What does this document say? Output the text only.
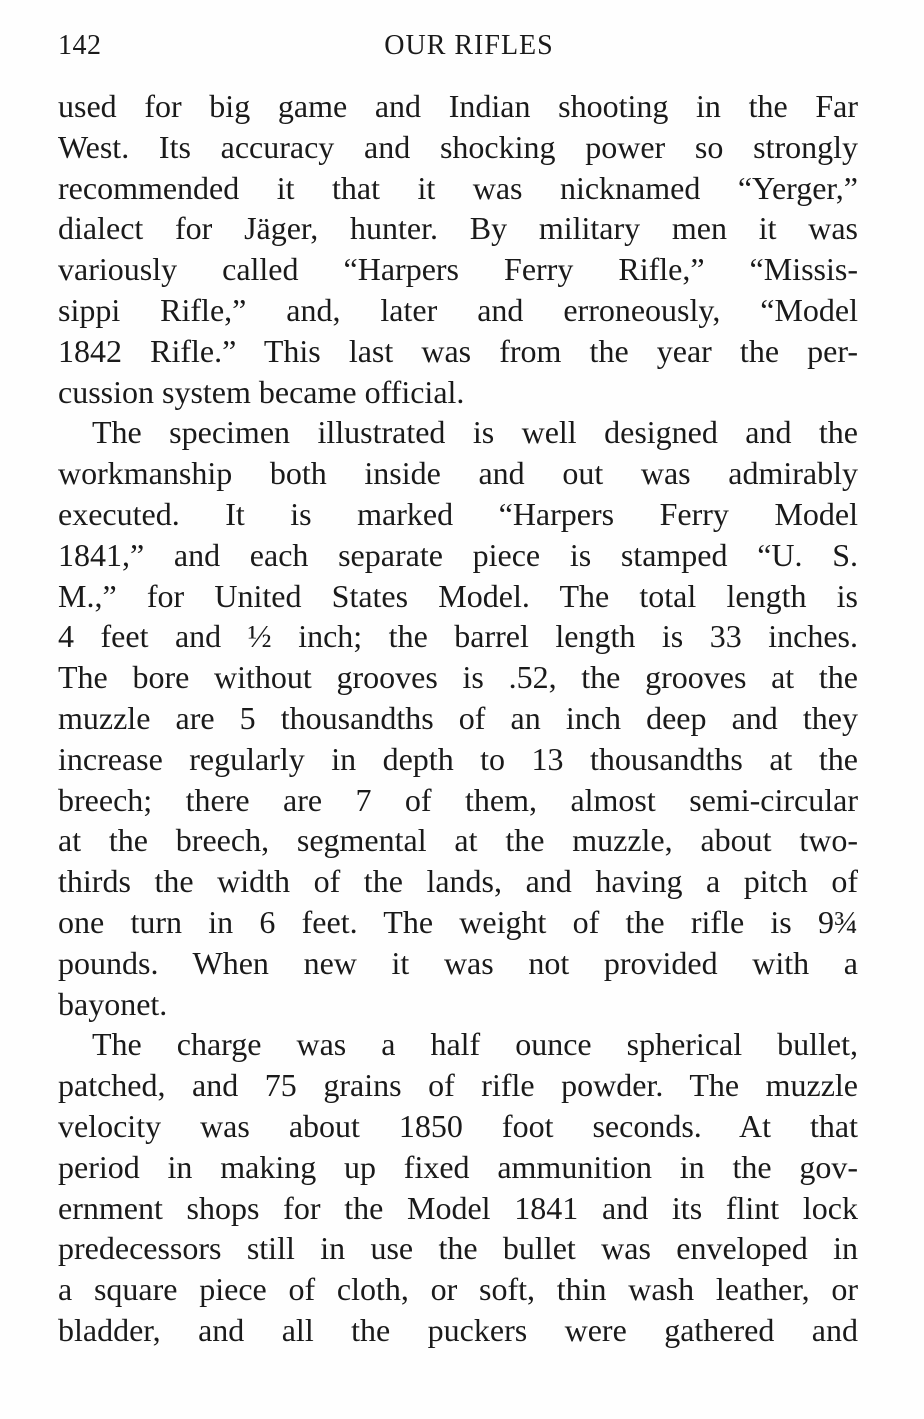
142	OUR RIFLES

used for big game and Indian shooting in the Far
West. Its accuracy and shocking power so strongly
recommended it that it was nicknamed “Yerger,”
dialect for Jäger, hunter. By military men it was
variously called “Harpers Ferry Rifle,” “Missis-
sippi Rifle,” and, later and erroneously, “Model
1842 Rifle.” This last was from the year the per-
cussion system became official.

The specimen illustrated is well designed and the
workmanship both inside and out was admirably
executed. It is marked “Harpers Ferry Model
1841,” and each separate piece is stamped “U. S.
M.,” for United States Model. The total length is
4 feet and ½ inch; the barrel length is 33 inches.
The bore without grooves is .52, the grooves at the
muzzle are 5 thousandths of an inch deep and they
increase regularly in depth to 13 thousandths at the
breech; there are 7 of them, almost semi-circular
at the breech, segmental at the muzzle, about two-
thirds the width of the lands, and having a pitch of
one turn in 6 feet. The weight of the rifle is 9¾
pounds. When new it was not provided with a
bayonet.

The charge was a half ounce spherical bullet,
patched, and 75 grains of rifle powder. The muzzle
velocity was about 1850 foot seconds. At that
period in making up fixed ammunition in the gov-
ernment shops for the Model 1841 and its flint lock
predecessors still in use the bullet was enveloped in
a square piece of cloth, or soft, thin wash leather, or
bladder, and all the puckers were gathered and
